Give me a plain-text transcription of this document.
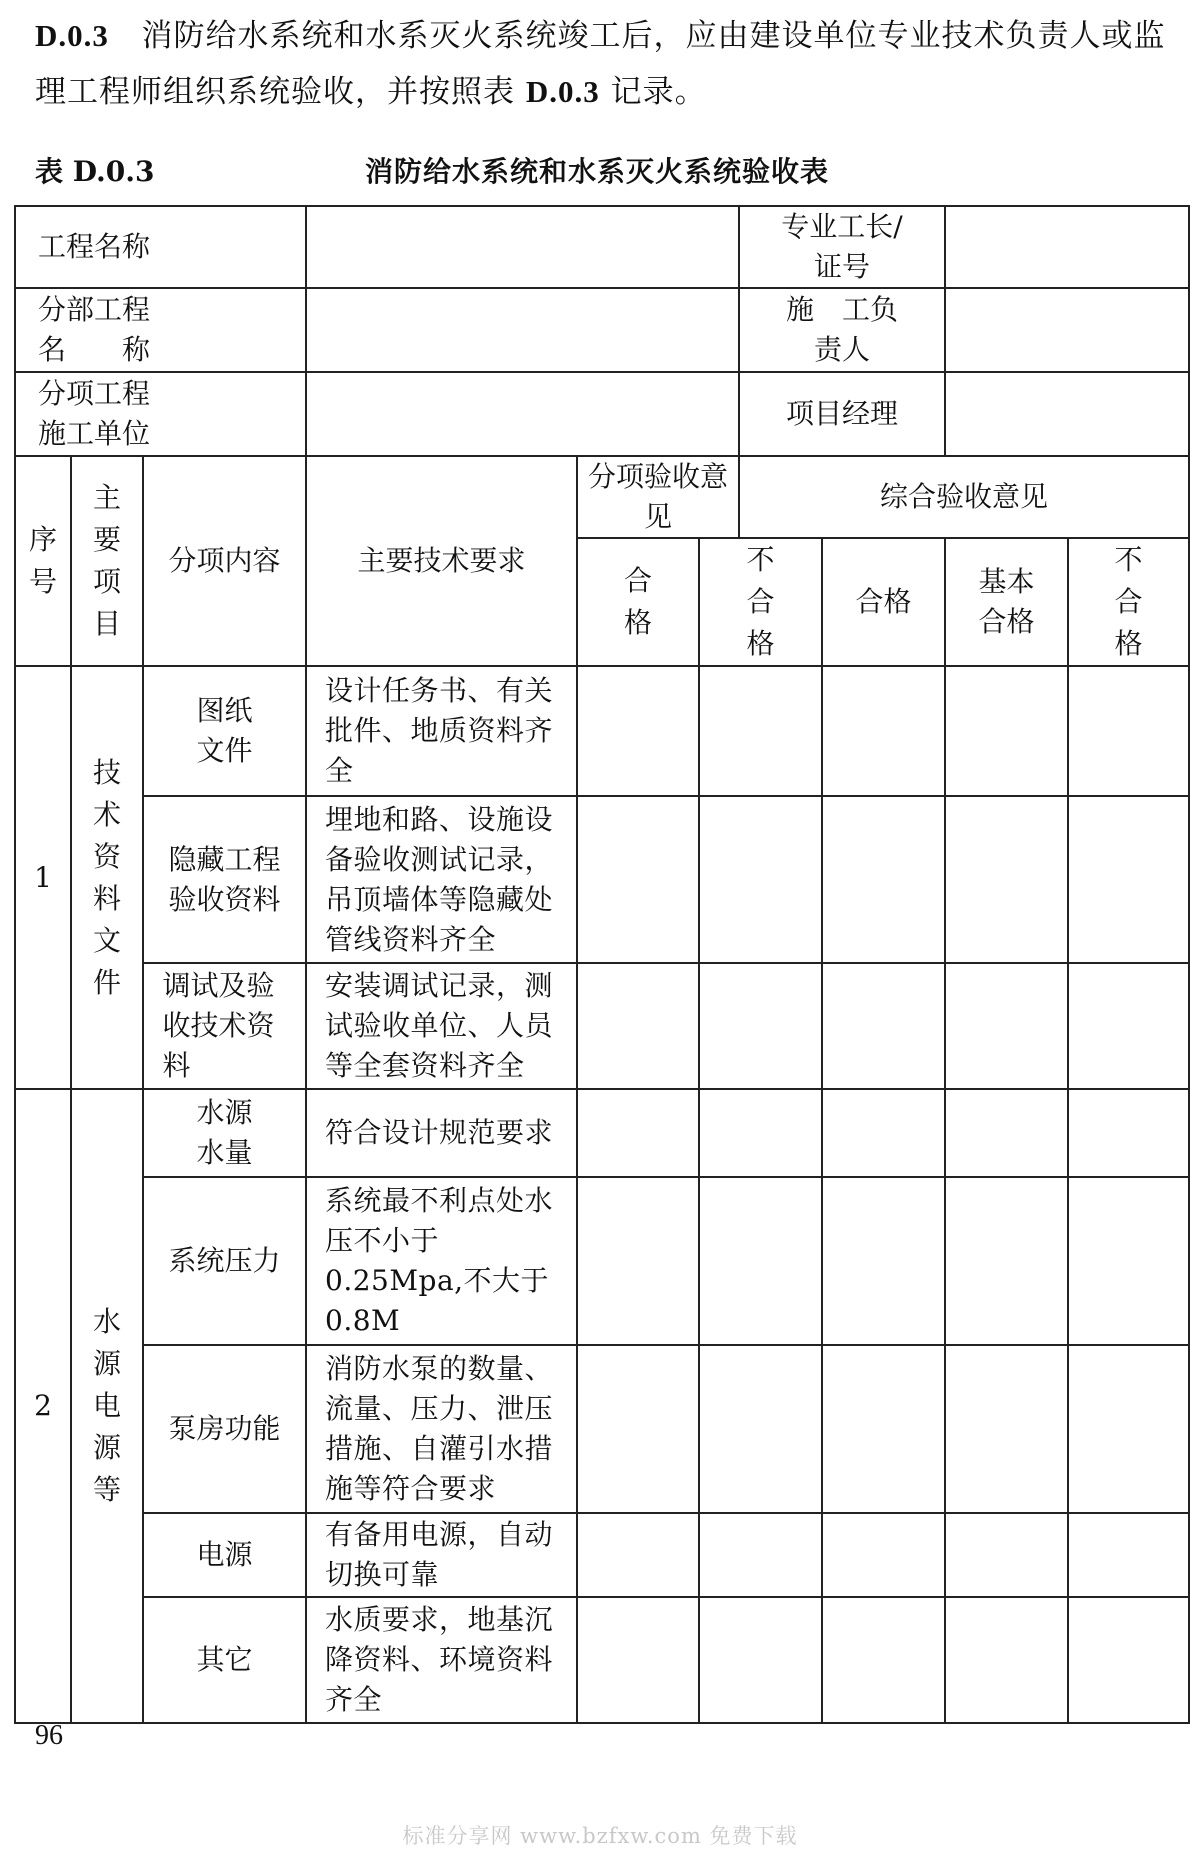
D.0.3 消防给水系统和水系灭火系统竣工后，应由建设单位专业技术负责人或监理工程师组织系统验收，并按照表 D.0.3 记录。
表 D.0.3	消防给水系统和水系灭火系统验收表
工程名称						专业工长/证号			

分部工程名　　称						施　工负责人			

分项工程施工单位						项目经理			

序号	主要项目	分项内容	主要技术要求	分项验收意见		综合验收意见			

				合格	不合格		合格	基本合格	不合格

1	技术资料文件	图纸文件	设计任务书、有关批件、地质资料齐全						

		隐藏工程验收资料	埋地和路、设施设备验收测试记录，吊顶墙体等隐藏处管线资料齐全						

		调试及验收技术资料	安装调试记录，测试验收单位、人员等全套资料齐全						
2	水源电源等	水源水量	符合设计规范要求						
		系统压力	系统最不利点处水压不小于0.25Mpa,不大于0.8M						
		泵房功能	消防水泵的数量、流量、压力、泄压措施、自灌引水措施等符合要求						
		电源	有备用电源，自动切换可靠						
		其它	水质要求，地基沉降资料、环境资料齐全						
96
标准分享网 www.bzfxw.com 免费下载
